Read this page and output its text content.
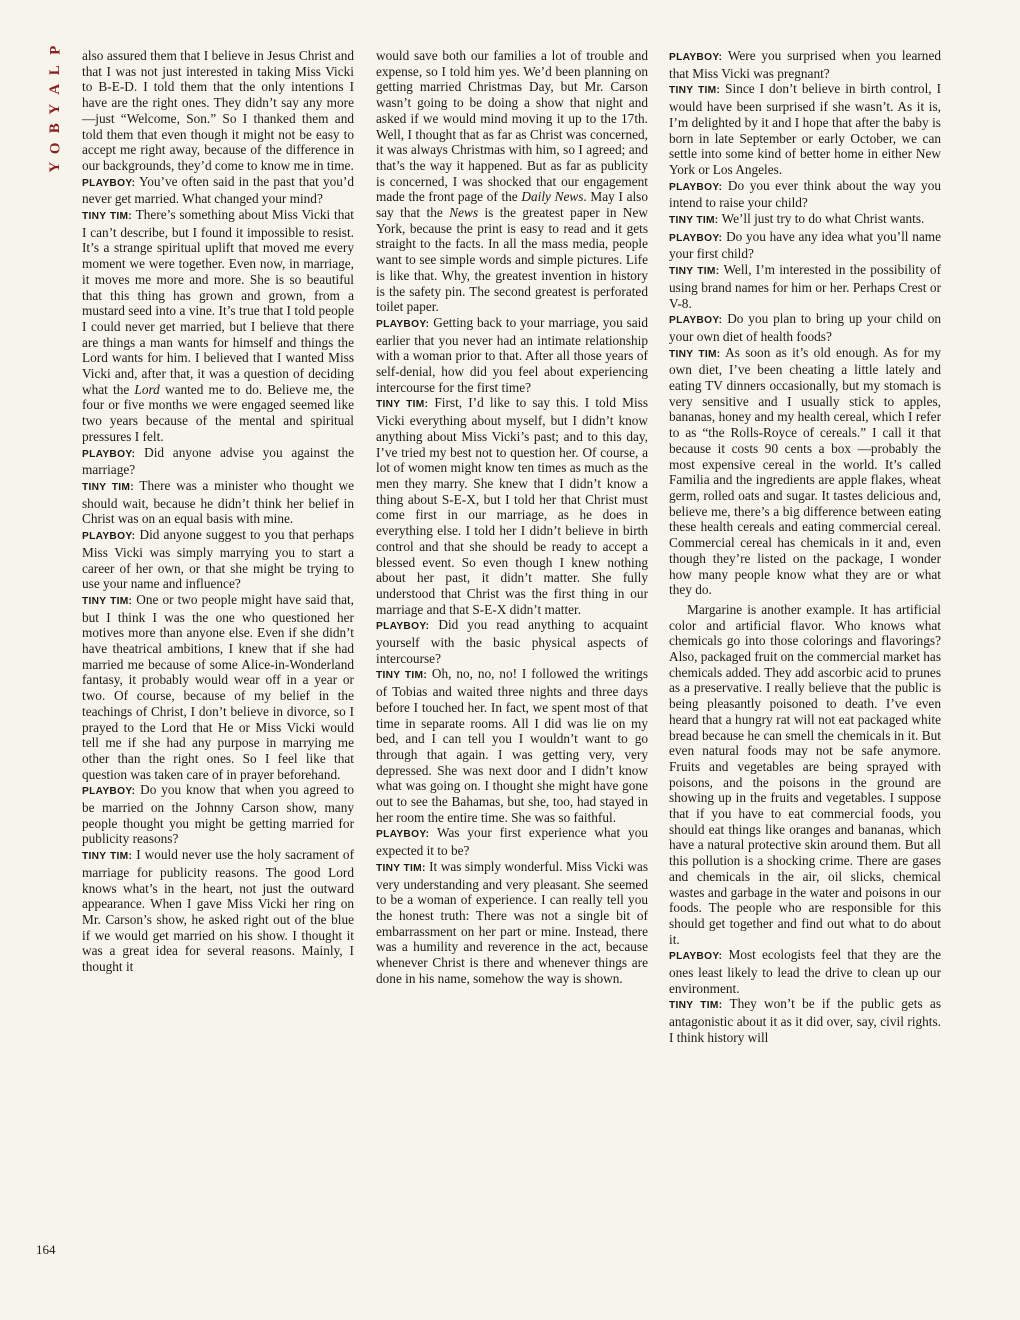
P
L
A
Y
B
O
Y

also assured them that I believe in Jesus Christ and that I was not just interested in taking Miss Vicki to B-E-D. I told them that the only intentions I have are the right ones. They didn’t say any more —just “Welcome, Son.” So I thanked them and told them that even though it might not be easy to accept me right away, because of the difference in our backgrounds, they’d come to know me in time.

PLAYBOY: You’ve often said in the past that you’d never get married. What changed your mind?

TINY TIM: There’s something about Miss Vicki that I can’t describe, but I found it impossible to resist. It’s a strange spiritual uplift that moved me every moment we were together. Even now, in marriage, it moves me more and more. She is so beautiful that this thing has grown and grown, from a mustard seed into a vine. It’s true that I told people I could never get married, but I believe that there are things a man wants for himself and things the Lord wants for him. I believed that I wanted Miss Vicki and, after that, it was a question of deciding what the Lord wanted me to do. Believe me, the four or five months we were engaged seemed like two years because of the mental and spiritual pressures I felt.

PLAYBOY: Did anyone advise you against the marriage?

TINY TIM: There was a minister who thought we should wait, because he didn’t think her belief in Christ was on an equal basis with mine.

PLAYBOY: Did anyone suggest to you that perhaps Miss Vicki was simply marrying you to start a career of her own, or that she might be trying to use your name and influence?

TINY TIM: One or two people might have said that, but I think I was the one who questioned her motives more than anyone else. Even if she didn’t have theatrical ambitions, I knew that if she had married me because of some Alice-in-Wonderland fantasy, it probably would wear off in a year or two. Of course, because of my belief in the teachings of Christ, I don’t believe in divorce, so I prayed to the Lord that He or Miss Vicki would tell me if she had any purpose in marrying me other than the right ones. So I feel like that question was taken care of in prayer beforehand.

PLAYBOY: Do you know that when you agreed to be married on the Johnny Carson show, many people thought you might be getting married for publicity reasons?

TINY TIM: I would never use the holy sacrament of marriage for publicity reasons. The good Lord knows what’s in the heart, not just the outward appearance. When I gave Miss Vicki her ring on Mr. Carson’s show, he asked right out of the blue if we would get married on his show. I thought it was a great idea for several reasons. Mainly, I thought it

would save both our families a lot of trouble and expense, so I told him yes. We’d been planning on getting married Christmas Day, but Mr. Carson wasn’t going to be doing a show that night and asked if we would mind moving it up to the 17th. Well, I thought that as far as Christ was concerned, it was always Christmas with him, so I agreed; and that’s the way it happened. But as far as publicity is concerned, I was shocked that our engagement made the front page of the Daily News. May I also say that the News is the greatest paper in New York, because the print is easy to read and it gets straight to the facts. In all the mass media, people want to see simple words and simple pictures. Life is like that. Why, the greatest invention in history is the safety pin. The second greatest is perforated toilet paper.

PLAYBOY: Getting back to your marriage, you said earlier that you never had an intimate relationship with a woman prior to that. After all those years of self-denial, how did you feel about experiencing intercourse for the first time?

TINY TIM: First, I’d like to say this. I told Miss Vicki everything about myself, but I didn’t know anything about Miss Vicki’s past; and to this day, I’ve tried my best not to question her. Of course, a lot of women might know ten times as much as the men they marry. She knew that I didn’t know a thing about S-E-X, but I told her that Christ must come first in our marriage, as he does in everything else. I told her I didn’t believe in birth control and that she should be ready to accept a blessed event. So even though I knew nothing about her past, it didn’t matter. She fully understood that Christ was the first thing in our marriage and that S-E-X didn’t matter.

PLAYBOY: Did you read anything to acquaint yourself with the basic physical aspects of intercourse?

TINY TIM: Oh, no, no, no! I followed the writings of Tobias and waited three nights and three days before I touched her. In fact, we spent most of that time in separate rooms. All I did was lie on my bed, and I can tell you I wouldn’t want to go through that again. I was getting very, very depressed. She was next door and I didn’t know what was going on. I thought she might have gone out to see the Bahamas, but she, too, had stayed in her room the entire time. She was so faithful.

PLAYBOY: Was your first experience what you expected it to be?

TINY TIM: It was simply wonderful. Miss Vicki was very understanding and very pleasant. She seemed to be a woman of experience. I can really tell you the honest truth: There was not a single bit of embarrassment on her part or mine. Instead, there was a humility and reverence in the act, because whenever Christ is there and whenever things are done in his name, somehow the way is shown.

PLAYBOY: Were you surprised when you learned that Miss Vicki was pregnant?

TINY TIM: Since I don’t believe in birth control, I would have been surprised if she wasn’t. As it is, I’m delighted by it and I hope that after the baby is born in late September or early October, we can settle into some kind of better home in either New York or Los Angeles.

PLAYBOY: Do you ever think about the way you intend to raise your child?

TINY TIM: We’ll just try to do what Christ wants.

PLAYBOY: Do you have any idea what you’ll name your first child?

TINY TIM: Well, I’m interested in the possibility of using brand names for him or her. Perhaps Crest or V-8.

PLAYBOY: Do you plan to bring up your child on your own diet of health foods?

TINY TIM: As soon as it’s old enough. As for my own diet, I’ve been cheating a little lately and eating TV dinners occasionally, but my stomach is very sensitive and I usually stick to apples, bananas, honey and my health cereal, which I refer to as “the Rolls-Royce of cereals.” I call it that because it costs 90 cents a box —probably the most expensive cereal in the world. It’s called Familia and the ingredients are apple flakes, wheat germ, rolled oats and sugar. It tastes delicious and, believe me, there’s a big difference between eating these health cereals and eating commercial cereal. Commercial cereal has chemicals in it and, even though they’re listed on the package, I wonder how many people know what they are or what they do.

Margarine is another example. It has artificial color and artificial flavor. Who knows what chemicals go into those colorings and flavorings? Also, packaged fruit on the commercial market has chemicals added. They add ascorbic acid to prunes as a preservative. I really believe that the public is being pleasantly poisoned to death. I’ve even heard that a hungry rat will not eat packaged white bread because he can smell the chemicals in it. But even natural foods may not be safe anymore. Fruits and vegetables are being sprayed with poisons, and the poisons in the ground are showing up in the fruits and vegetables. I suppose that if you have to eat commercial foods, you should eat things like oranges and bananas, which have a natural protective skin around them. But all this pollution is a shocking crime. There are gases and chemicals in the air, oil slicks, chemical wastes and garbage in the water and poisons in our foods. The people who are responsible for this should get together and find out what to do about it.

PLAYBOY: Most ecologists feel that they are the ones least likely to lead the drive to clean up our environment.

TINY TIM: They won’t be if the public gets as antagonistic about it as it did over, say, civil rights. I think history will

164
